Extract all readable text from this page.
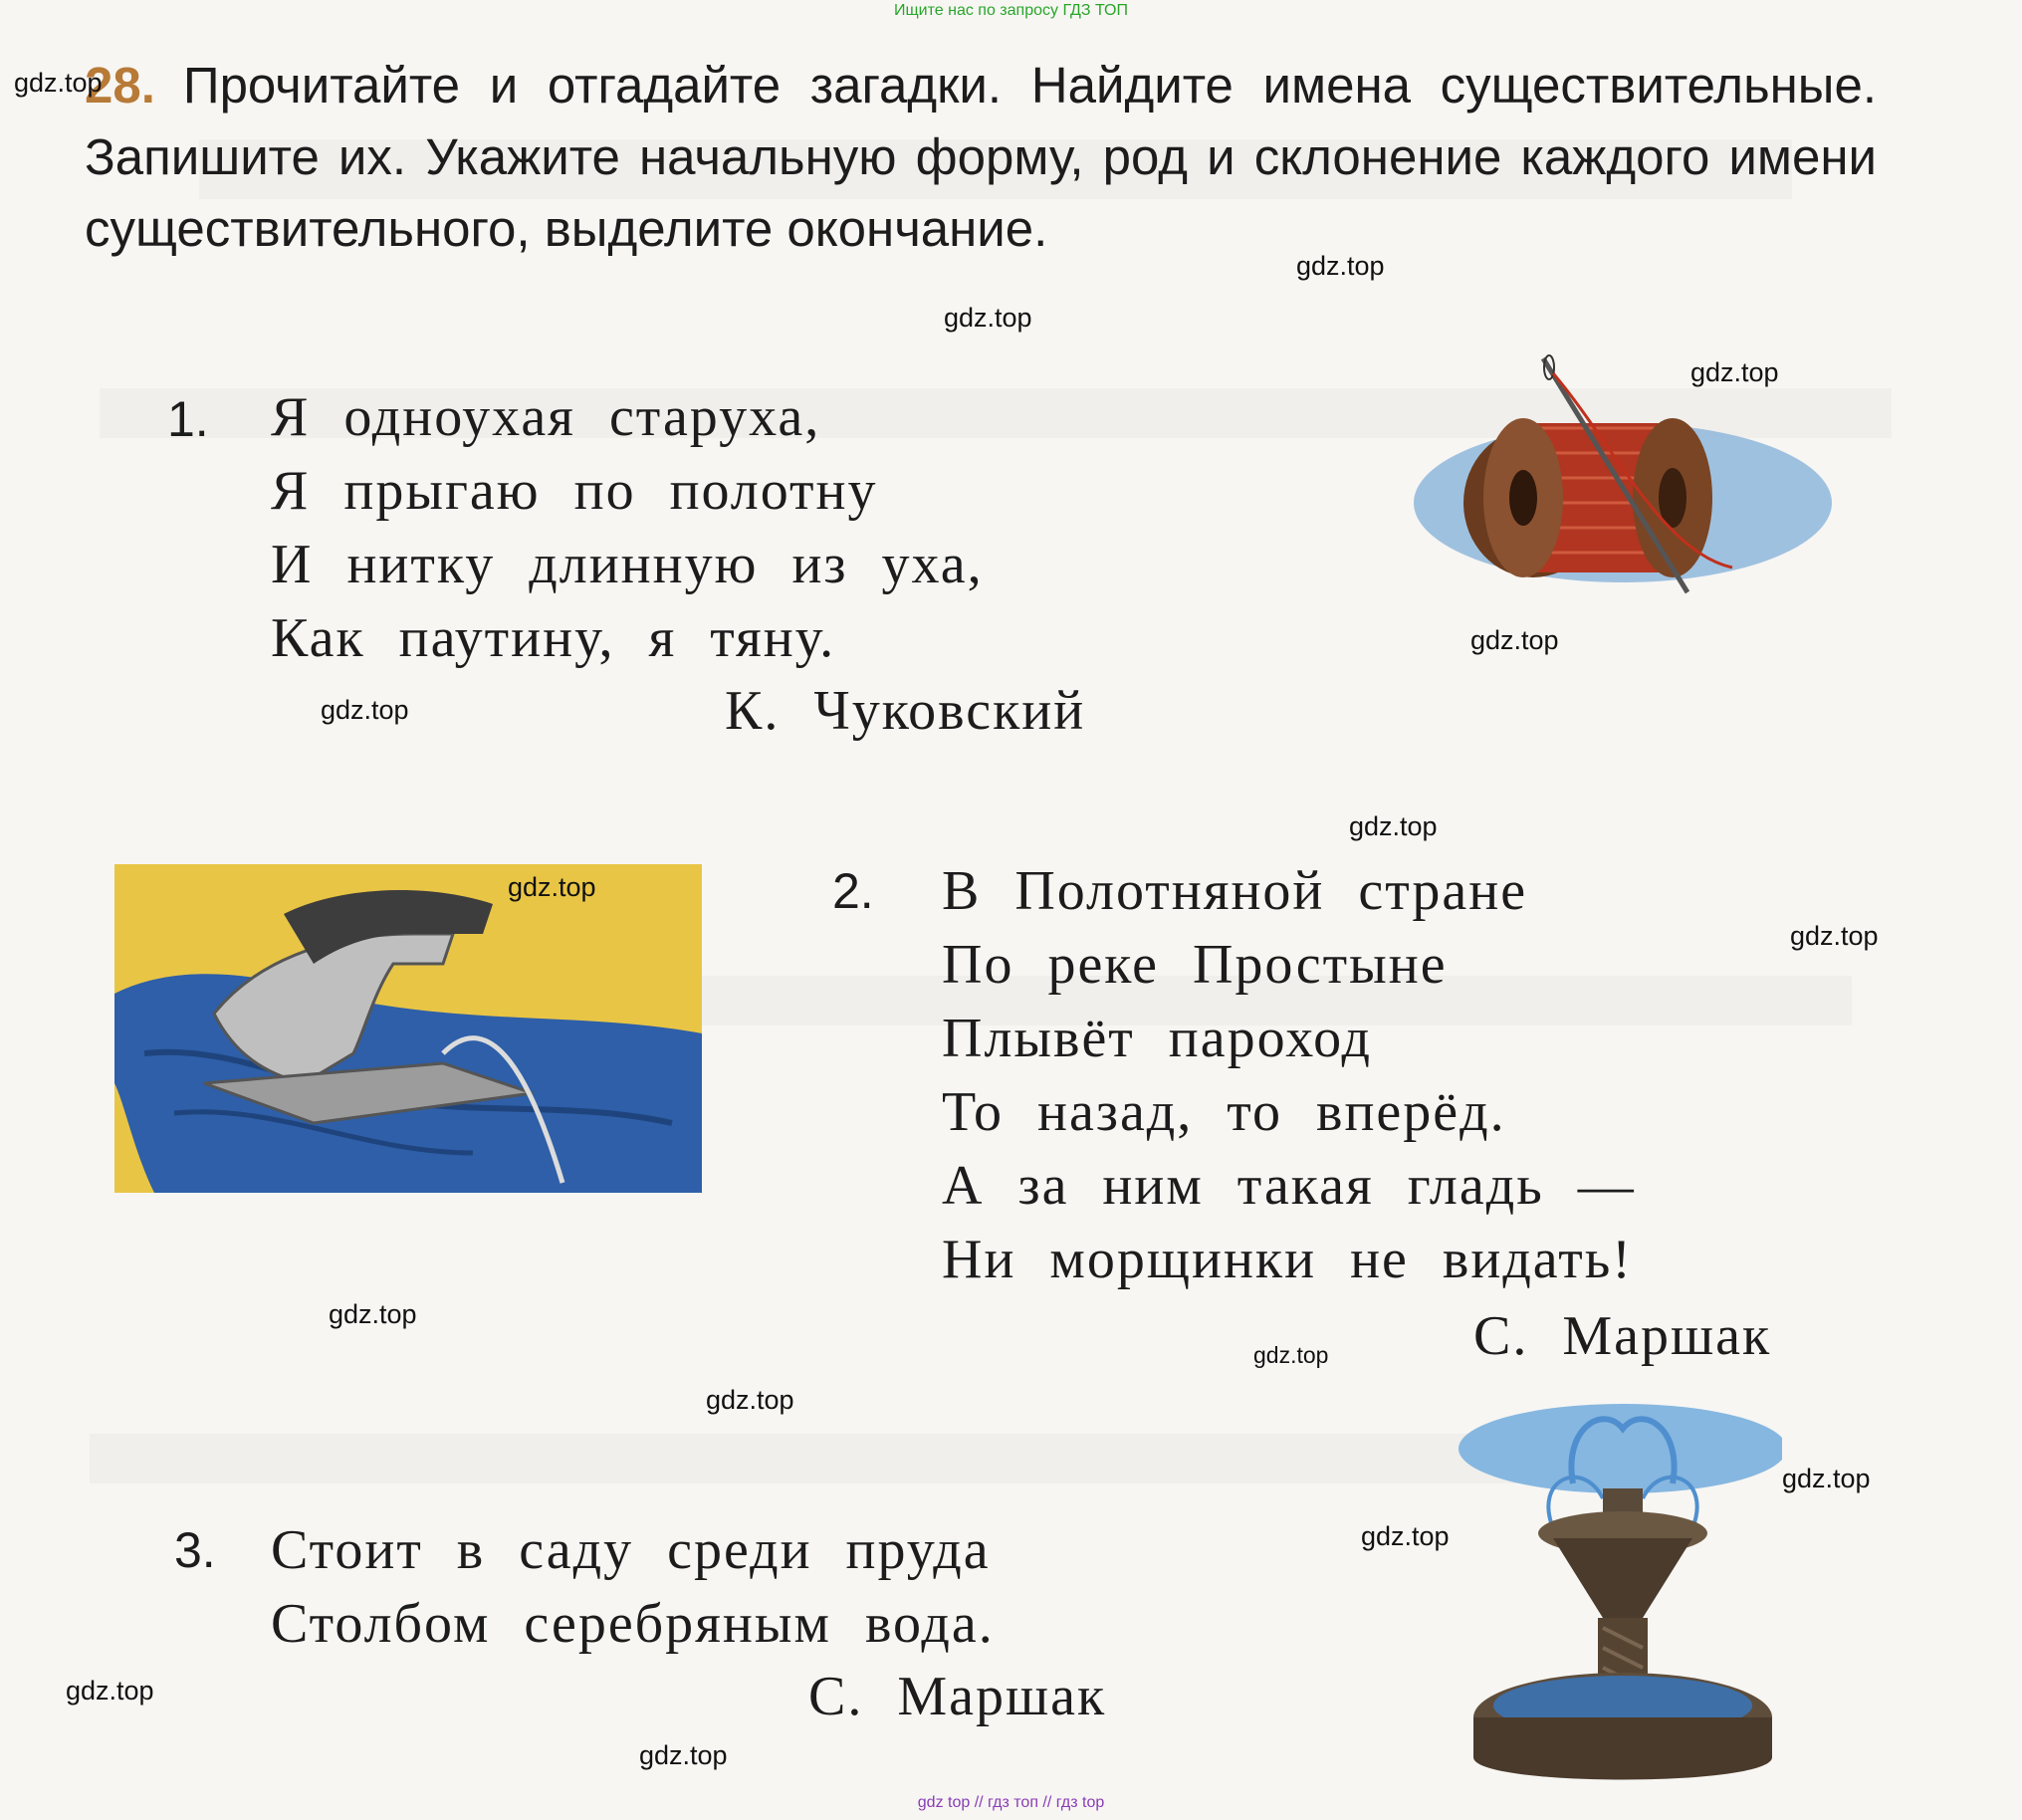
Ищите нас по запросу ГДЗ ТОП
28. Прочитайте и отгадайте загадки. Найдите имена существительные. Запишите их. Укажите начальную форму, род и склонение каждого имени существительного, выделите окончание.
1. Я одноухая старуха,
Я прыгаю по полотну
И нитку длинную из уха,
Как паутину, я тяну.
К. Чуковский
2. В Полотняной стране
По реке Простыне
Плывёт пароход
То назад, то вперёд.
А за ним такая гладь —
Ни морщинки не видать!
С. Маршак
3. Стоит в саду среди пруда
Столбом серебряным вода.
С. Маршак
gdz.top
gdz.top
gdz.top
gdz.top
gdz.top
gdz.top
gdz.top
gdz.top
gdz.top
gdz.top
gdz.top
gdz.top
gdz.top
gdz.top
gdz.top
gdz.top
gdz top // гдз топ // гдз top
